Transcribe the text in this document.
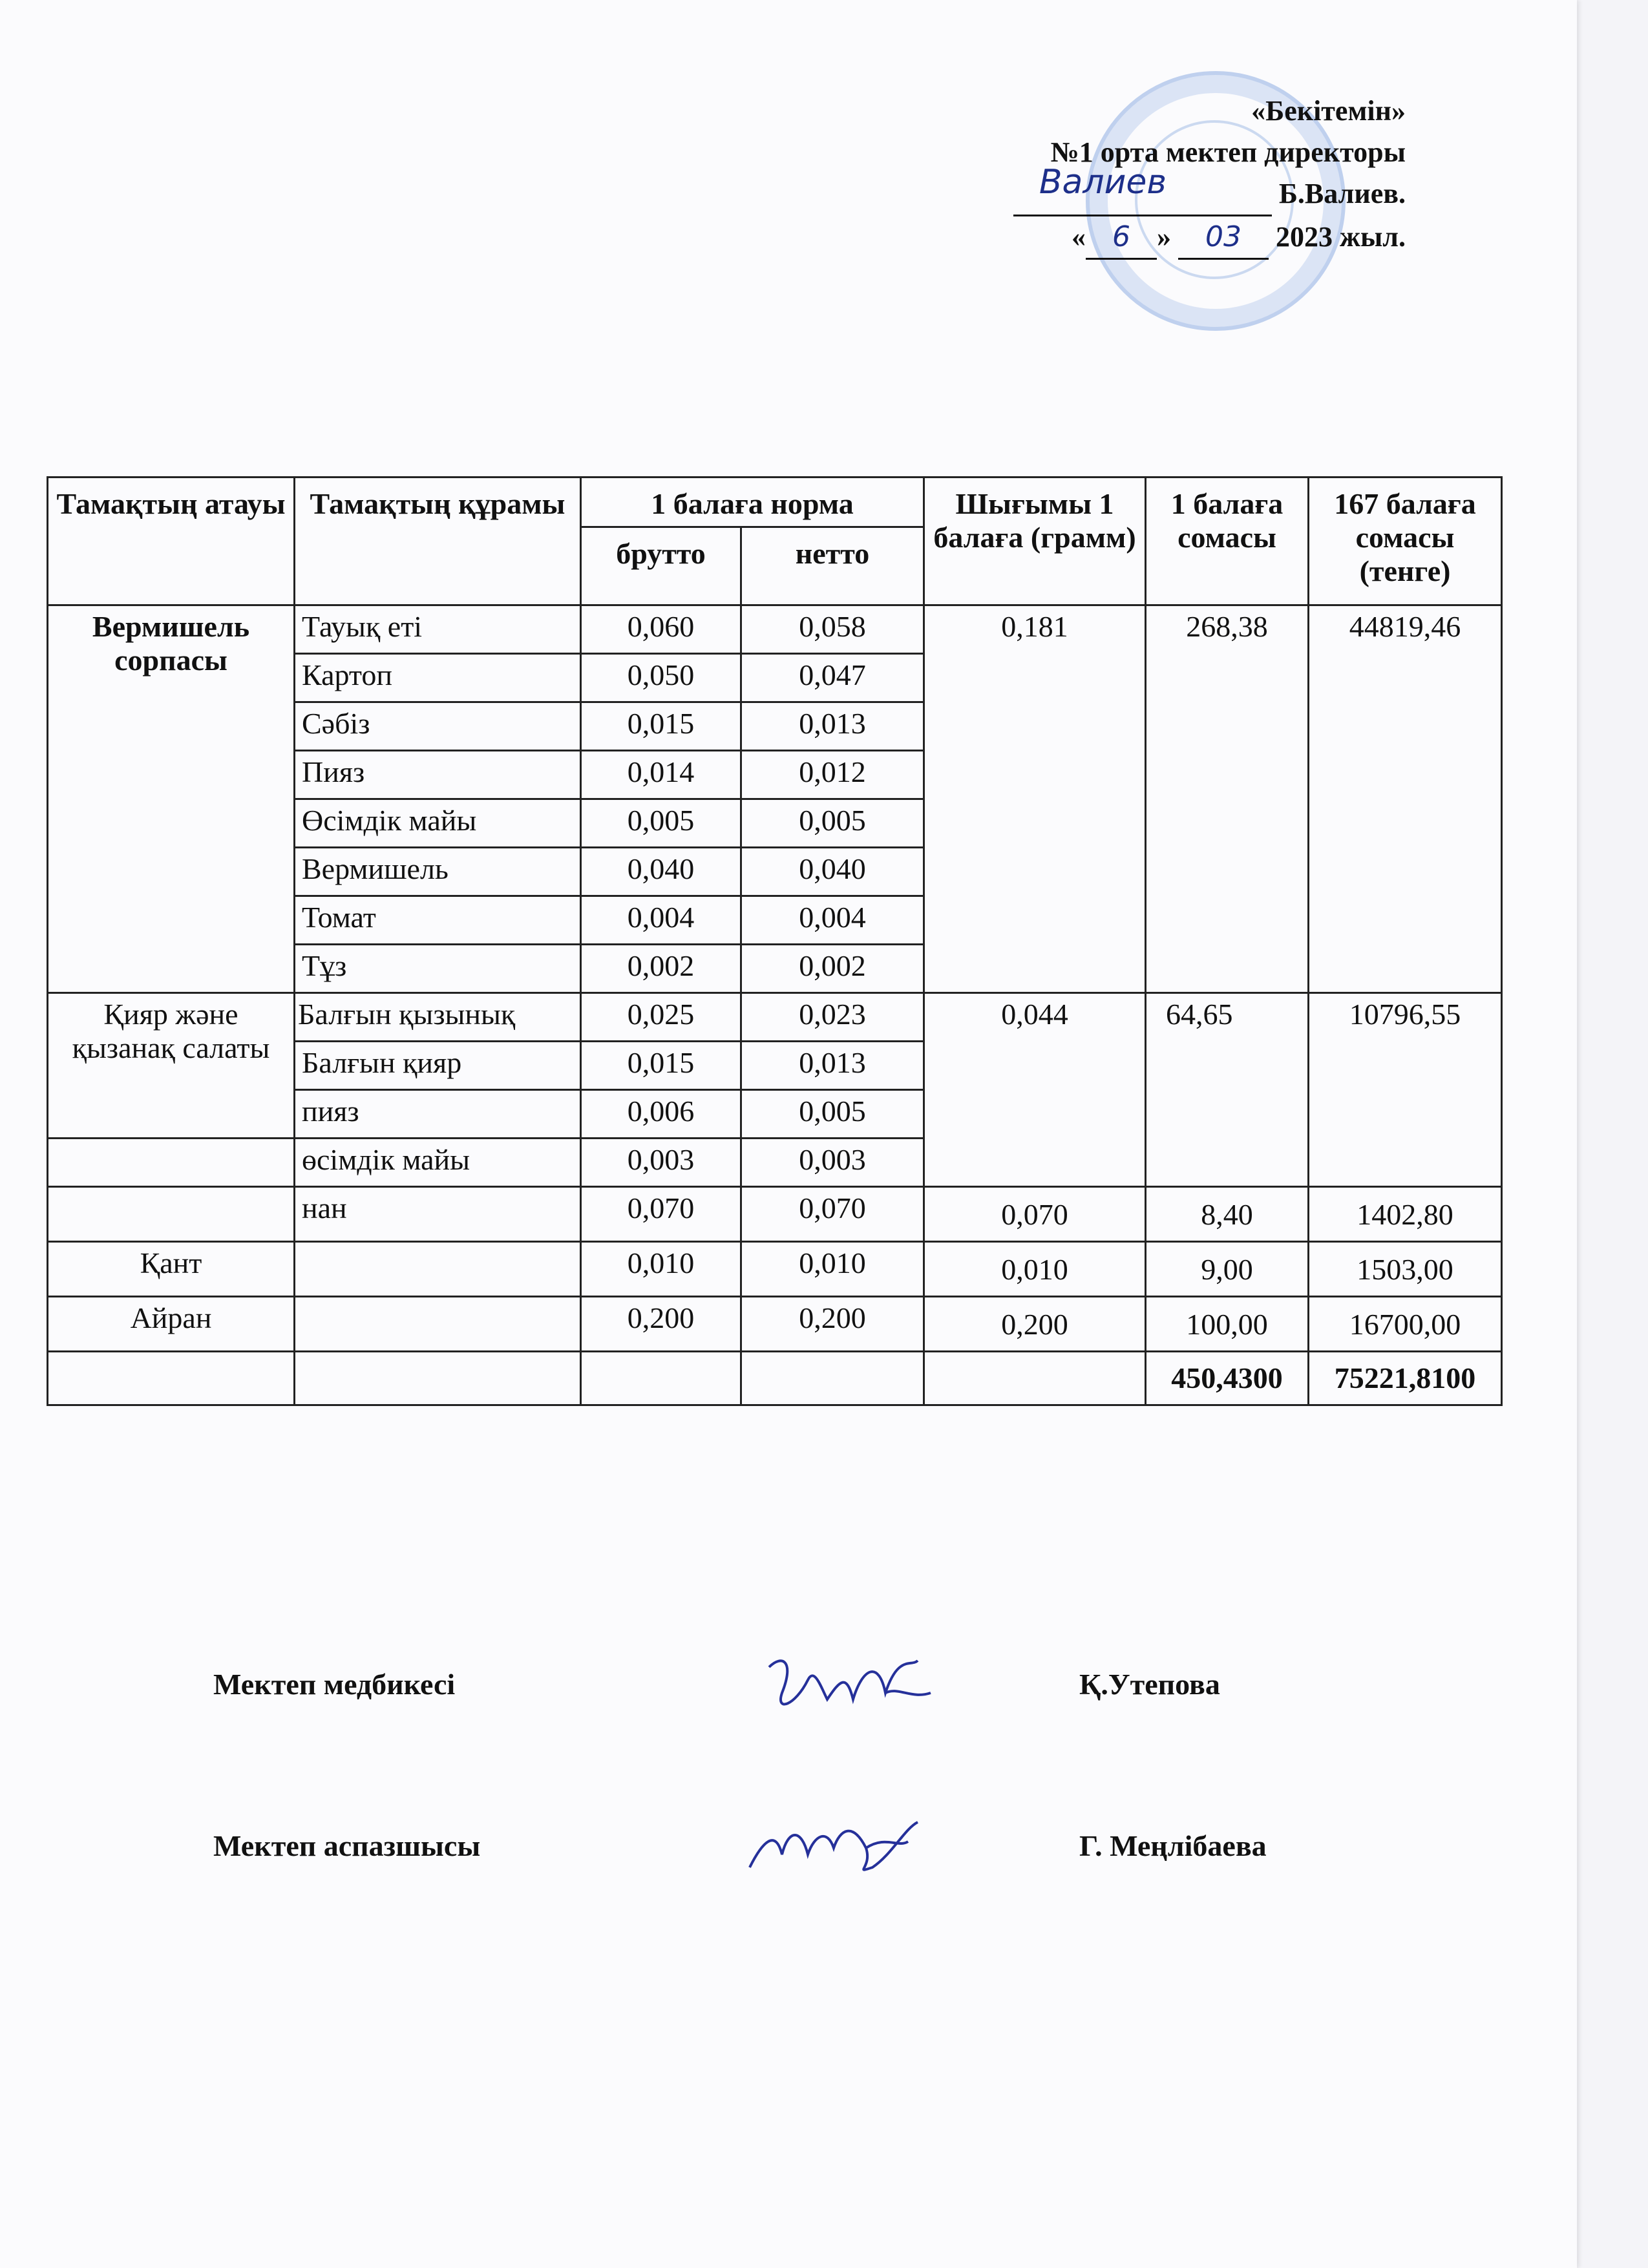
«Бекітемін»
№1 орта мектеп директоры
Валиев	Б.Валиев.
« 6 » 03 2023 жыл.
Тамақтың атауы	Тамақтың құрамы	1 балаға норма		Шығымы 1 балаға (грамм)	1 балаға сомасы	167 балаға сомасы (тенге)
		брутто	нетто			
Вермишель сорпасы	Тауық еті	0,060	0,058	0,181	268,38	44819,46
	Картоп	0,050	0,047			
	Сәбіз	0,015	0,013			
	Пияз	0,014	0,012			
	Өсімдік майы	0,005	0,005			
	Вермишель	0,040	0,040			
	Томат	0,004	0,004			
	Тұз	0,002	0,002			
Қияр және қызанақ салаты	Балғын қызынық	0,025	0,023	0,044	64,65	10796,55
	Балғын қияр	0,015	0,013			
	пияз	0,006	0,005			
	өсімдік майы	0,003	0,003			
	нан	0,070	0,070	0,070	8,40	1402,80
Қант		0,010	0,010	0,010	9,00	1503,00
Айран		0,200	0,200	0,200	100,00	16700,00
					450,4300	75221,8100
Мектеп медбикесі	Қ.Утепова
Мектеп аспазшысы	Г. Меңлібаева
